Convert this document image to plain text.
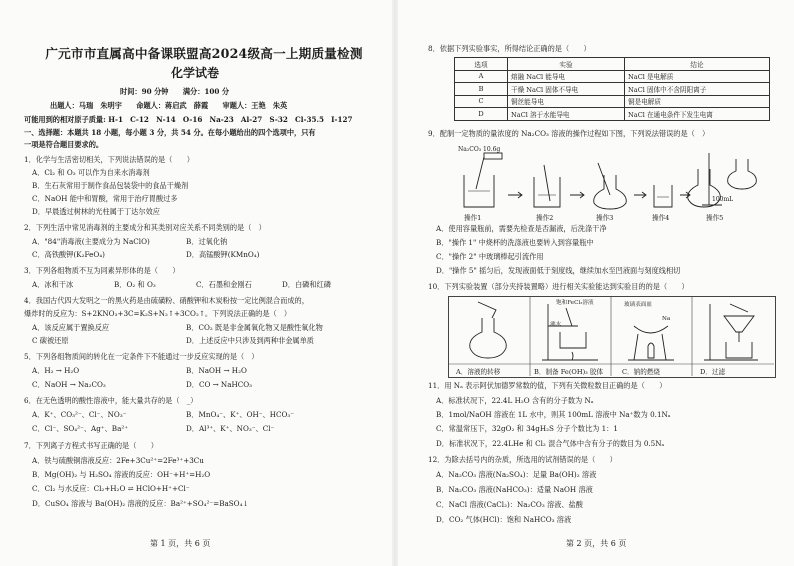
广元市市直属高中备课联盟高2024级高一上期质量检测
化学试卷
时间：90 分钟　　满分：100 分
出题人：马瑞　朱明宇　　命题人：蒋启武　薛霞　　审题人：王艳　朱英
可能用到的相对原子质量: H-1　C-12　N-14　O-16　Na-23　Al-27　S-32　Cl-35.5　I-127
一、选择题：本题共 18 小题，每小题 3 分，共 54 分。在每小题给出的四个选项中，只有
一项是符合题目要求的。
1．化学与生活密切相关，下列说法错误的是（　　）
A．Cl₂ 和 O₃ 可以作为自来水消毒剂
B．生石灰常用于制作食品包装袋中的食品干燥剂
C．NaOH 能中和胃酸，常用于治疗胃酸过多
D．早晨透过树林的光柱属于丁达尔效应
2．下列生活中常见消毒剂的主要成分和其类别对应关系不同类别的是（　）
A．"84"消毒液(主要成分为 NaClO)	B．过氧化钠
C．高铁酸钾(K₂FeO₄)	D．高锰酸钾(KMnO₄)
3．下列各组物质不互为同素异形体的是（　　）
A．冰和干冰	B．O₂ 和 O₃	C．石墨和金刚石	D．白磷和红磷
4．我国古代四大发明之一的黑火药是由硫磺粉、硝酸钾和木炭粉按一定比例混合而成的，
爆炸时的反应为：S+2KNO₃+3C=K₂S+N₂↑+3CO₂↑。下列说法正确的是（　）
A．该反应属于置换反应	B．CO₂ 既是非金属氧化物又是酸性氧化物
C 碳被还原	D．上述反应中只涉及到两种非金属单质
5．下列各组物质间的转化在一定条件下不能通过一步反应实现的是（　）
A．H₂ → H₂O	B．NaOH → H₂O
C．NaOH → Na₂CO₃	D．CO → NaHCO₃
6．在无色透明的酸性溶液中，能大量共存的是（　_）
A．K⁺、CO₃²⁻、Cl⁻、NO₃⁻	B．MnO₄⁻、K⁺、OH⁻、HCO₃⁻
C．Cl⁻、SO₄²⁻、Ag⁺、Ba²⁺	D．Al³⁺、K⁺、NO₃⁻、Cl⁻
7．下列离子方程式书写正确的是（　　）
A．铁与硫酸铜溶液反应：2Fe+3Cu²⁺=2Fe³⁺+3Cu
B．Mg(OH)₂ 与 H₂SO₄ 溶液的反应：OH⁻+H⁺=H₂O
C．Cl₂ 与水反应：Cl₂+H₂O ⇌ HClO+H⁺+Cl⁻
D．CuSO₄ 溶液与 Ba(OH)₂ 溶液的反应：Ba²⁺+SO₄²⁻=BaSO₄↓
第 1 页，共 6 页
8．依据下列实验事实，所得结论正确的是（　　）
选项	实验	结论
A	熔融 NaCl 能导电	NaCl 是电解质
B	干燥 NaCl 固体不导电	NaCl 固体中不含阴阳离子
C	铜丝能导电	铜是电解质
D	NaCl 溶于水能导电	NaCl 在通电条件下发生电离
9．配制一定物质的量浓度的 Na₂CO₃ 溶液的操作过程如下图，下列说法错误的是（　）
Na₂CO₃ 10.6g
100mL
操作1	操作2	操作3	操作4	操作5
A．使用容量瓶前，需要先检查是否漏液，后洗涤干净
B．"操作 1" 中烧杯的洗涤液也要转入到容量瓶中
C．"操作 2" 中玻璃棒起引流作用
D．"操作 5" 摇匀后，发现液面低于刻度线，继续加水至凹液面与刻度线相切
10．下列实验装置（部分夹持装置略）进行相关实验能达到实验目的的是（　　）
饱和FeCl₃溶液
沸水
玻璃表面皿
Na
A．溶液的转移	B．制备 Fe(OH)₃ 胶体	C．钠的燃烧	D．过滤
11．用 Nₐ 表示阿伏加德罗常数的值，下列有关微粒数目正确的是（　　）
A．标准状况下，22.4L H₂O 含有的分子数为 Nₐ
B．1mol/NaOH 溶液在 1L 水中，则其 100mL 溶液中 Na⁺数为 0.1Nₐ
C．常温常压下，32gO₂ 和 34gH₂S 分子个数比为 1：1
D．标准状况下，22.4LHe 和 Cl₂ 混合气体中含有分子的数目为 0.5Nₐ
12．为除去括号内的杂质，所选用的试剂错误的是（　　）
A．Na₂CO₃ 溶液(Na₂SO₄)：足量 Ba(OH)₂ 溶液
B．Na₂CO₃ 溶液(NaHCO₃)：适量 NaOH 溶液
C．NaCl 溶液(CaCl₂)：Na₂CO₃ 溶液、盐酸
D．CO₂ 气体(HCl)：饱和 NaHCO₃ 溶液
第 2 页，共 6 页
